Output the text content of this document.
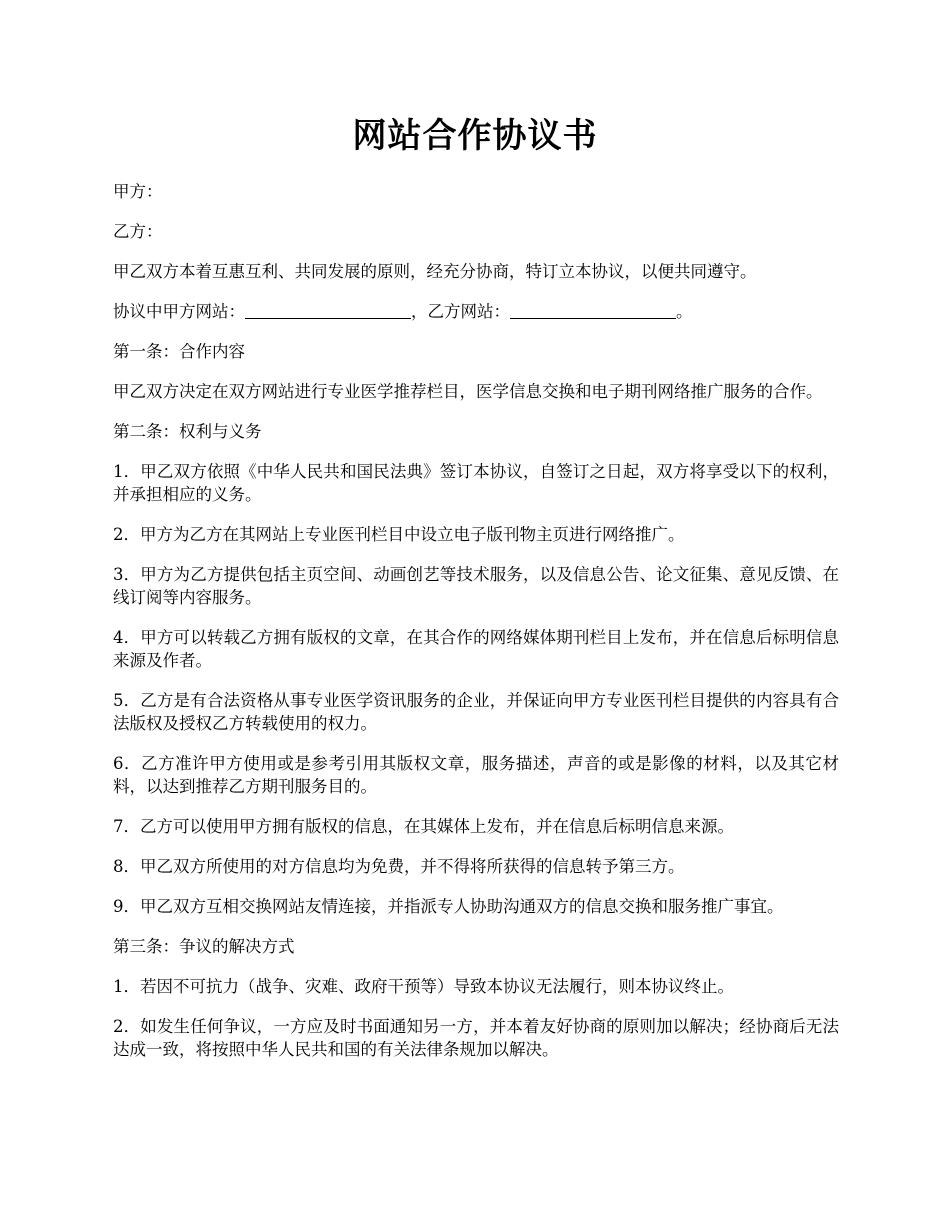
网站合作协议书

甲方：

乙方：

甲乙双方本着互惠互利、共同发展的原则，经充分协商，特订立本协议，以便共同遵守。

协议中甲方网站：	，乙方网站：	。

第一条：合作内容

甲乙双方决定在双方网站进行专业医学推荐栏目，医学信息交换和电子期刊网络推广服务的合作。

第二条：权利与义务

1．甲乙双方依照《中华人民共和国民法典》签订本协议，自签订之日起，双方将享受以下的权利，并承担相应的义务。

2．甲方为乙方在其网站上专业医刊栏目中设立电子版刊物主页进行网络推广。

3．甲方为乙方提供包括主页空间、动画创艺等技术服务，以及信息公告、论文征集、意见反馈、在线订阅等内容服务。

4．甲方可以转载乙方拥有版权的文章，在其合作的网络媒体期刊栏目上发布，并在信息后标明信息来源及作者。

5．乙方是有合法资格从事专业医学资讯服务的企业，并保证向甲方专业医刊栏目提供的内容具有合法版权及授权乙方转载使用的权力。

6．乙方准许甲方使用或是参考引用其版权文章，服务描述，声音的或是影像的材料，以及其它材料，以达到推荐乙方期刊服务目的。

7．乙方可以使用甲方拥有版权的信息，在其媒体上发布，并在信息后标明信息来源。

8．甲乙双方所使用的对方信息均为免费，并不得将所获得的信息转予第三方。

9．甲乙双方互相交换网站友情连接，并指派专人协助沟通双方的信息交换和服务推广事宜。

第三条：争议的解决方式

1．若因不可抗力（战争、灾难、政府干预等）导致本协议无法履行，则本协议终止。

2．如发生任何争议，一方应及时书面通知另一方，并本着友好协商的原则加以解决；经协商后无法达成一致，将按照中华人民共和国的有关法律条规加以解决。
